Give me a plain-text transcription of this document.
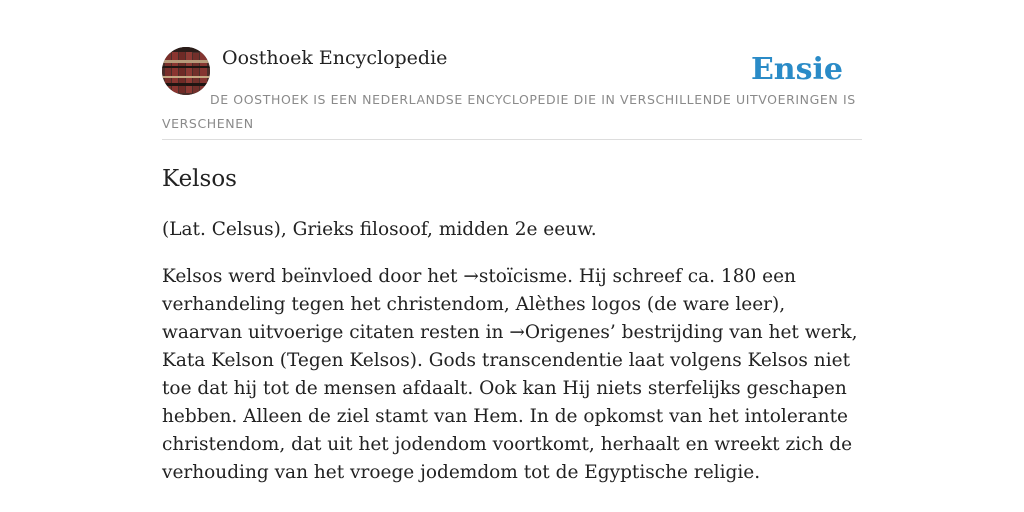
Oosthoek Encyclopedie	Ensie
DE OOSTHOEK IS EEN NEDERLANDSE ENCYCLOPEDIE DIE IN VERSCHILLENDE UITVOERINGEN IS VERSCHENEN
Kelsos

(Lat. Celsus), Grieks filosoof, midden 2e eeuw.

Kelsos werd beïnvloed door het →stoïcisme. Hij schreef ca. 180 een verhandeling tegen het christendom, Alèthes logos (de ware leer), waarvan uitvoerige citaten resten in →Origenes’ bestrijding van het werk, Kata Kelson (Tegen Kelsos). Gods transcendentie laat volgens Kelsos niet toe dat hij tot de mensen afdaalt. Ook kan Hij niets sterfelijks geschapen hebben. Alleen de ziel stamt van Hem. In de opkomst van het intolerante christendom, dat uit het jodendom voortkomt, herhaalt en wreekt zich de verhouding van het vroege jodemdom tot de Egyptische religie.
